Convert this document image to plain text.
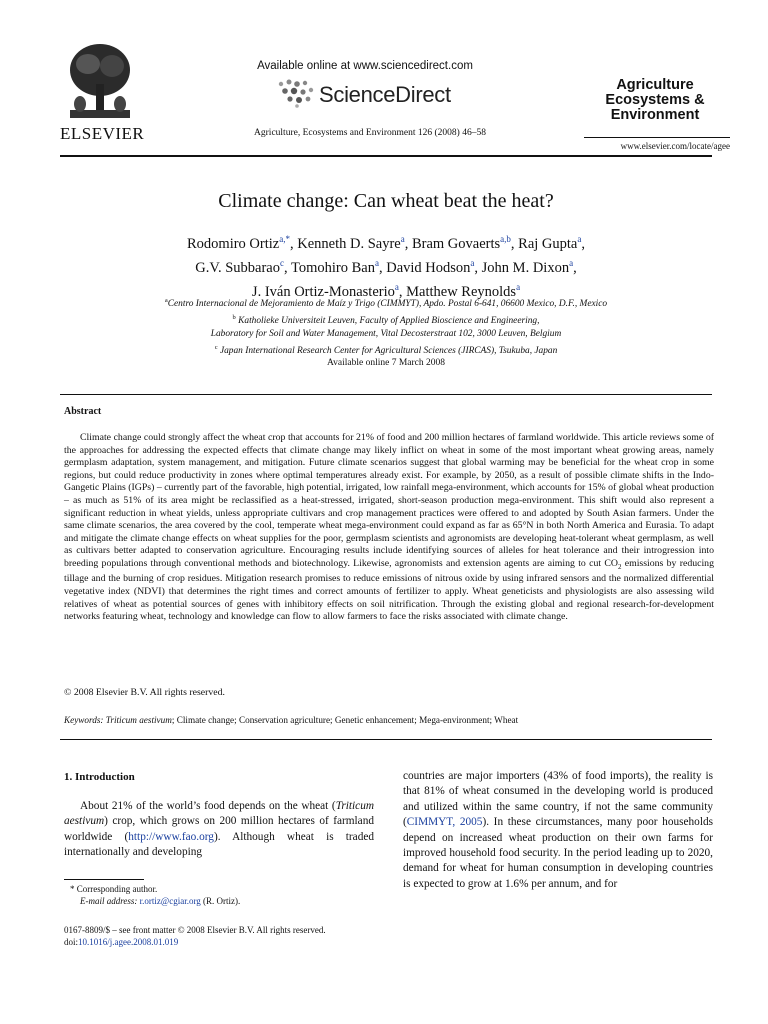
ELSEVIER
Available online at www.sciencedirect.com
ScienceDirect
Agriculture, Ecosystems and Environment 126 (2008) 46–58
Agriculture
Ecosystems &
Environment
www.elsevier.com/locate/agee
Climate change: Can wheat beat the heat?
Rodomiro Ortiz$^{a,*}$, Kenneth D. Sayre$^a$, Bram Govaerts$^{a,b}$, Raj Gupta$^a$,
G.V. Subbarao$^c$, Tomohiro Ban$^a$, David Hodson$^a$, John M. Dixon$^a$,
J. Iván Ortiz-Monasterio$^a$, Matthew Reynolds$^a$
$^a$Centro Internacional de Mejoramiento de Maíz y Trigo (CIMMYT), Apdo. Postal 6-641, 06600 Mexico, D.F., Mexico
$^b$ Katholieke Universiteit Leuven, Faculty of Applied Bioscience and Engineering,
Laboratory for Soil and Water Management, Vital Decosterstraat 102, 3000 Leuven, Belgium
$^c$ Japan International Research Center for Agricultural Sciences (JIRCAS), Tsukuba, Japan
Available online 7 March 2008
Abstract
Climate change could strongly affect the wheat crop that accounts for 21% of food and 200 million hectares of farmland worldwide. This article reviews some of the approaches for addressing the expected effects that climate change may likely inflict on wheat in some of the most important wheat growing areas, namely germplasm adaptation, system management, and mitigation. Future climate scenarios suggest that global warming may be beneficial for the wheat crop in some regions, but could reduce productivity in zones where optimal temperatures already exist. For example, by 2050, as a result of possible climate shifts in the Indo-Gangetic Plains (IGPs) – currently part of the favorable, high potential, irrigated, low rainfall mega-environment, which accounts for 15% of global wheat production – as much as 51% of its area might be reclassified as a heat-stressed, irrigated, short-season production mega-environment. This shift would also represent a significant reduction in wheat yields, unless appropriate cultivars and crop management practices were offered to and adopted by South Asian farmers. Under the same climate scenarios, the area covered by the cool, temperate wheat mega-environment could expand as far as 65°N in both North America and Eurasia. To adapt and mitigate the climate change effects on wheat supplies for the poor, germplasm scientists and agronomists are developing heat-tolerant wheat germplasm, as well as cultivars better adapted to conservation agriculture. Encouraging results include identifying sources of alleles for heat tolerance and their introgression into breeding populations through conventional methods and biotechnology. Likewise, agronomists and extension agents are aiming to cut $CO_2$ emissions by reducing tillage and the burning of crop residues. Mitigation research promises to reduce emissions of nitrous oxide by using infrared sensors and the normalized differential vegetative index (NDVI) that determines the right times and correct amounts of fertilizer to apply. Wheat geneticists and physiologists are also assessing wild relatives of wheat as potential sources of genes with inhibitory effects on soil nitrification. Through the existing global and regional research-for-development networks featuring wheat, technology and knowledge can flow to allow farmers to face the risks associated with climate change.
© 2008 Elsevier B.V. All rights reserved.
Keywords: Triticum aestivum; Climate change; Conservation agriculture; Genetic enhancement; Mega-environment; Wheat
1. Introduction
About 21% of the world’s food depends on the wheat (Triticum aestivum) crop, which grows on 200 million hectares of farmland worldwide (http://www.fao.org). Although wheat is traded internationally and developing
countries are major importers (43% of food imports), the reality is that 81% of wheat consumed in the developing world is produced and utilized within the same country, if not the same community (CIMMYT, 2005). In these circumstances, many poor households depend on increased wheat production on their own farms for improved household food security. In the period leading up to 2020, demand for wheat for human consumption in developing countries is expected to grow at 1.6% per annum, and for
* Corresponding author.
E-mail address: r.ortiz@cgiar.org (R. Ortiz).
0167-8809/$ – see front matter © 2008 Elsevier B.V. All rights reserved.
doi:10.1016/j.agee.2008.01.019
